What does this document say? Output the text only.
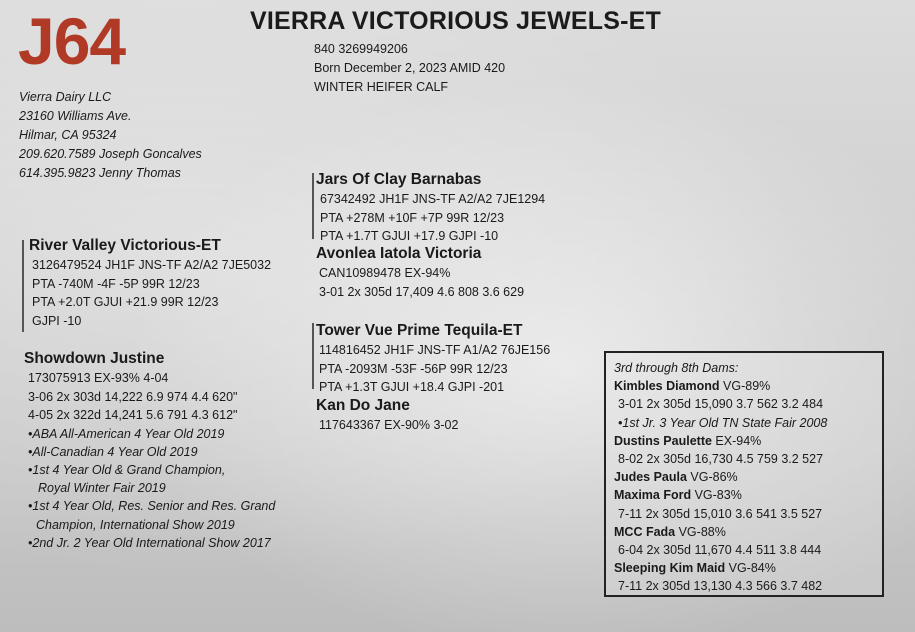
J64	VIERRA VICTORIOUS JEWELS-ET
840 3269949206
Born December 2, 2023 AMID 420
WINTER HEIFER CALF
Vierra Dairy LLC
23160 Williams Ave.
Hilmar, CA 95324
209.620.7589 Joseph Goncalves
614.395.9823 Jenny Thomas	Jars Of Clay Barnabas
67342492 JH1F JNS-TF A2/A2 7JE1294
PTA +278M +10F +7P 99R 12/23
PTA +1.7T GJUI +17.9 GJPI -10
Avonlea Iatola Victoria
CAN10989478 EX-94%
3-01 2x 305d 17,409 4.6 808 3.6 629
River Valley Victorious-ET
3126479524 JH1F JNS-TF A2/A2 7JE5032
PTA -740M -4F -5P 99R 12/23
PTA +2.0T GJUI +21.9 99R 12/23
GJPI -10
Showdown Justine
173075913 EX-93% 4-04
3-06 2x 303d 14,222 6.9 974 4.4 620"
4-05 2x 322d 14,241 5.6 791 4.3 612"
•ABA All-American 4 Year Old 2019
•All-Canadian 4 Year Old 2019
•1st 4 Year Old & Grand Champion,
Royal Winter Fair 2019
•1st 4 Year Old, Res. Senior and Res. Grand
Champion, International Show 2019
•2nd Jr. 2 Year Old International Show 2017
Tower Vue Prime Tequila-ET
114816452 JH1F JNS-TF A1/A2 76JE156
PTA -2093M -53F -56P 99R 12/23
PTA +1.3T GJUI +18.4 GJPI -201
Kan Do Jane
117643367 EX-90% 3-02
3rd through 8th Dams:
Kimbles Diamond VG-89%
3-01 2x 305d 15,090 3.7 562 3.2 484
•1st Jr. 3 Year Old TN State Fair 2008
Dustins Paulette EX-94%
8-02 2x 305d 16,730 4.5 759 3.2 527
Judes Paula VG-86%
Maxima Ford VG-83%
7-11 2x 305d 15,010 3.6 541 3.5 527
MCC Fada VG-88%
6-04 2x 305d 11,670 4.4 511 3.8 444
Sleeping Kim Maid VG-84%
7-11 2x 305d 13,130 4.3 566 3.7 482
